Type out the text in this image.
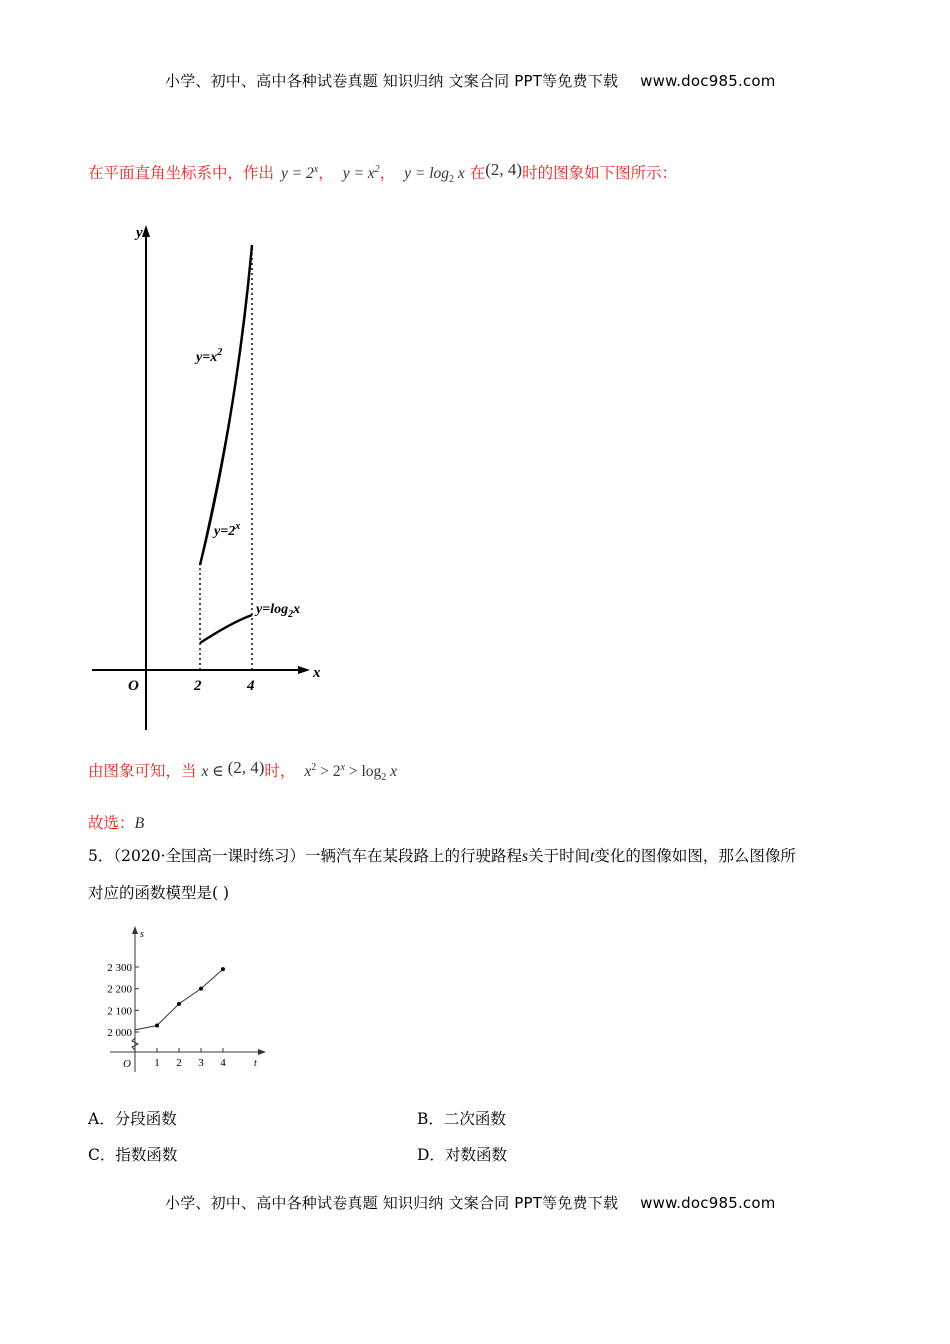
小学、初中、高中各种试卷真题 知识归纳 文案合同 PPT等免费下载 www.doc985.com
在平面直角坐标系中，作出 $y = 2^x$， $y = x^2$， $y = \log_2 x$ 在(2, 4)时的图象如下图所示：
y
x
O	2	4
$y=x^2$
$y=2^x$
$y=\log_2x$
由图象可知，当 x ∈ (2, 4)时， $x^2 > 2^x > \log_2 x$
故选：B
5．（2020·全国高一课时练习）一辆汽车在某段路上的行驶路程s关于时间t变化的图像如图，那么图像所
对应的函数模型是( )
s
t
O
2 000
2 100
2 200
2 300
1 2 3 4
A．分段函数	B．二次函数
C．指数函数	D．对数函数
小学、初中、高中各种试卷真题 知识归纳 文案合同 PPT等免费下载 www.doc985.com
